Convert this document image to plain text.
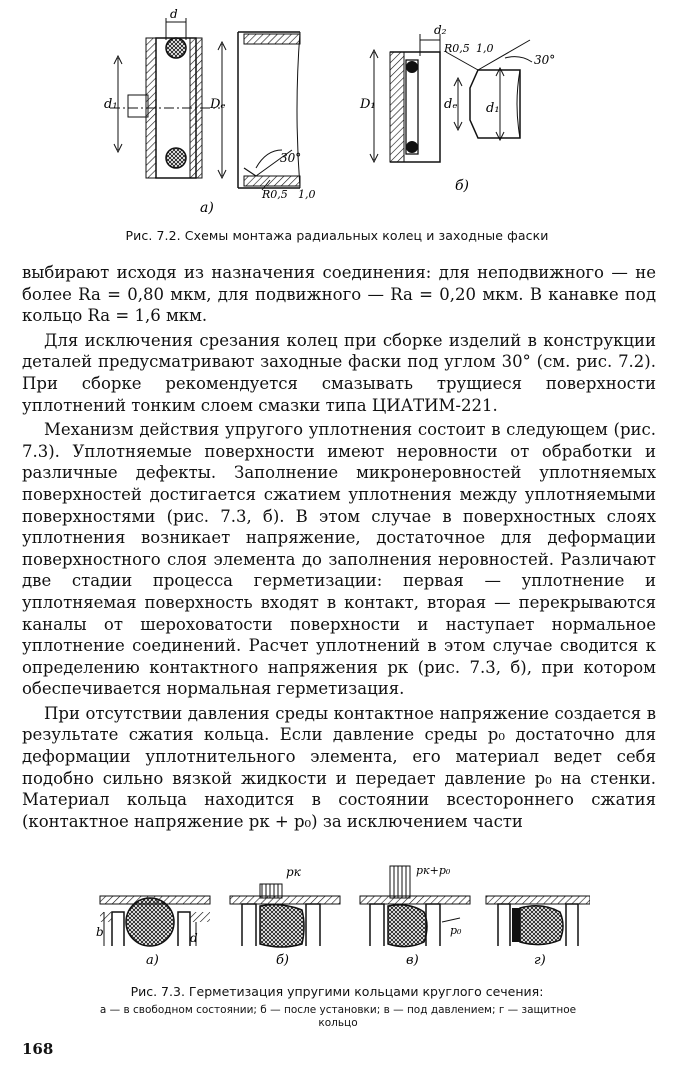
d
d₁	Dₑ
30°
R0,5 1,0
а)
d₂
R0,5 1,0
30°
D₁	dₑ d₁
б)
Рис. 7.2. Схемы монтажа радиальных колец и заходные фаски

выбирают исходя из назначения соединения: для неподвижного — не более Ra = 0,80 мкм, для подвижного — Ra = 0,20 мкм. В канавке под кольцо Ra = 1,6 мкм.

Для исключения срезания колец при сборке изделий в конструкции деталей предусматривают заходные фаски под углом 30° (см. рис. 7.2). При сборке рекомендуется смазывать трущиеся поверхности уплотнений тонким слоем смазки типа ЦИАТИМ-221.

Механизм действия упругого уплотнения состоит в следующем (рис. 7.3). Уплотняемые поверхности имеют неровности от обработки и различные дефекты. Заполнение микронеровностей уплотняемых поверхностей достигается сжатием уплотнения между уплотняемыми поверхностями (рис. 7.3, б). В этом случае в поверхностных слоях уплотнения возникает напряжение, достаточное для деформации поверхностного слоя элемента до заполнения неровностей. Различают две стадии процесса герметизации: первая — уплотнение и уплотняемая поверхность входят в контакт, вторая — перекрываются каналы от шероховатости поверхности и наступает нормальное уплотнение соединений. Расчет уплотнений в этом случае сводится к определению контактного напряжения pк (рис. 7.3, б), при котором обеспечивается нормальная герметизация.

При отсутствии давления среды контактное напряжение создается в результате сжатия кольца. Если давление среды p₀ достаточно для деформации уплотнительного элемента, его материал ведет себя подобно сильно вязкой жидкости и передает давление p₀ на стенки. Материал кольца находится в состоянии всестороннего сжатия (контактное напряжение pк + p₀) за исключением части

b	d
а)
pк
б)
pк+p₀
p₀
в)	г)
Рис. 7.3. Герметизация упругими кольцами круглого сечения:
а — в свободном состоянии; б — после установки; в — под давлением; г — защитное
кольцо
168
